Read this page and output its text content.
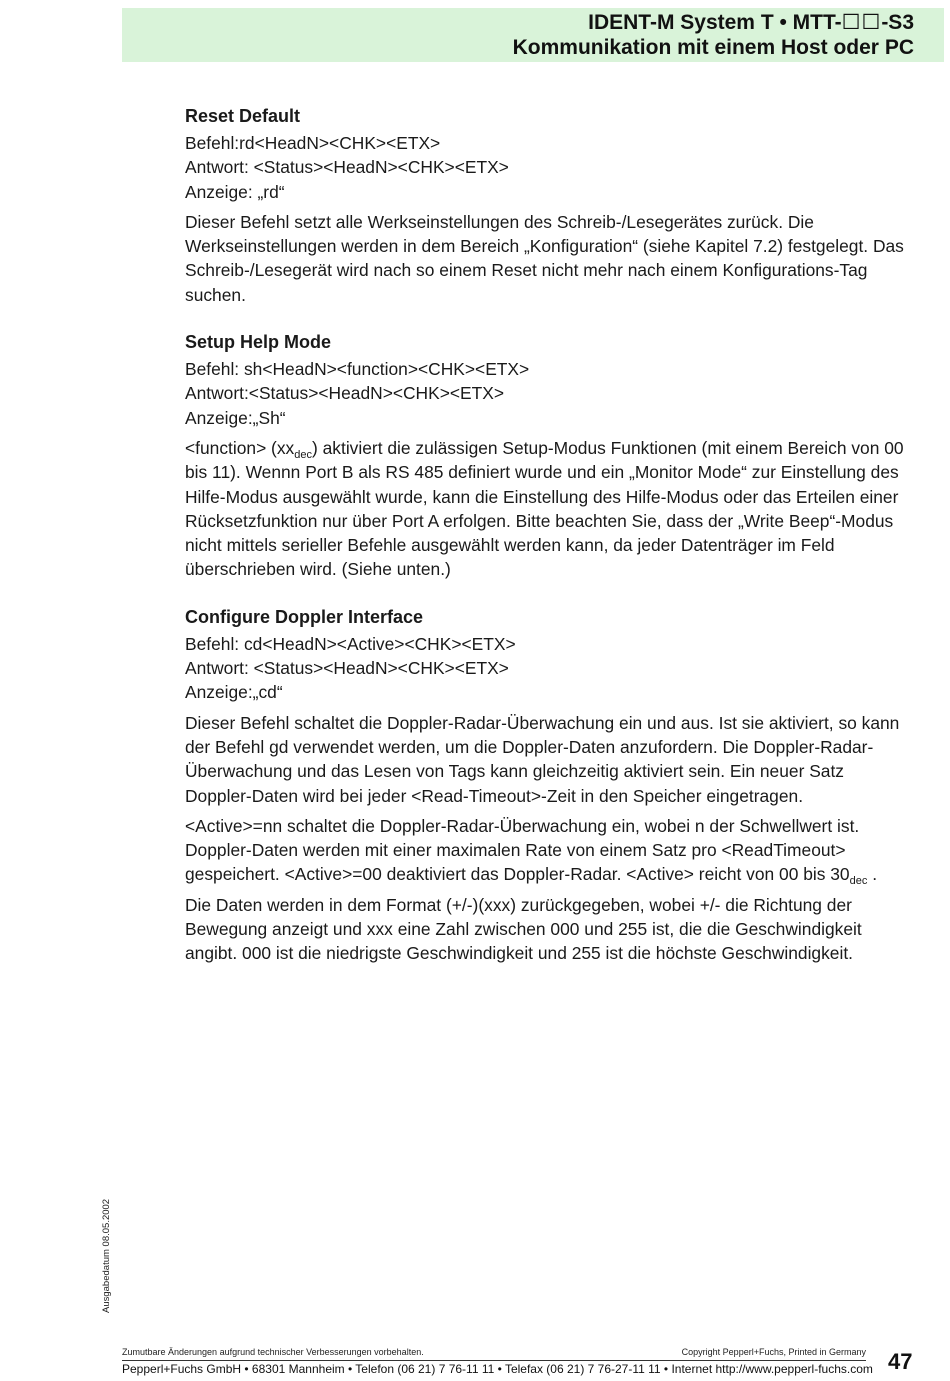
IDENT-M System T • MTT-☐☐-S3
Kommunikation mit einem Host oder PC
Reset Default
Befehl:rd<HeadN><CHK><ETX>
Antwort: <Status><HeadN><CHK><ETX>
Anzeige: „rd“

Dieser Befehl setzt alle Werkseinstellungen des Schreib-/Lesegerätes zurück. Die Werkseinstellungen werden in dem Bereich „Konfiguration“ (siehe Kapitel 7.2) festgelegt. Das Schreib-/Lesegerät wird nach so einem Reset nicht mehr nach einem Konfigurations-Tag suchen.

Setup Help Mode
Befehl: sh<HeadN><function><CHK><ETX>
Antwort:<Status><HeadN><CHK><ETX>
Anzeige:„Sh“

<function> $(xx_{dec})$ aktiviert die zulässigen Setup-Modus Funktionen (mit einem Bereich von 00 bis 11). Wennn Port B als RS 485 definiert wurde und ein „Monitor Mode“ zur Einstellung des Hilfe-Modus ausgewählt wurde, kann die Einstellung des Hilfe-Modus oder das Erteilen einer Rücksetzfunktion nur über Port A erfolgen. Bitte beachten Sie, dass der „Write Beep“-Modus nicht mittels serieller Befehle ausgewählt werden kann, da jeder Datenträger im Feld überschrieben wird. (Siehe unten.)

Configure Doppler Interface
Befehl: cd<HeadN><Active><CHK><ETX>
Antwort: <Status><HeadN><CHK><ETX>
Anzeige:„cd“

Dieser Befehl schaltet die Doppler-Radar-Überwachung ein und aus. Ist sie aktiviert, so kann der Befehl gd verwendet werden, um die Doppler-Daten anzufordern. Die Doppler-Radar-Überwachung und das Lesen von Tags kann gleichzeitig aktiviert sein. Ein neuer Satz Doppler-Daten wird bei jeder <Read-Timeout>-Zeit in den Speicher eingetragen.

<Active>=nn schaltet die Doppler-Radar-Überwachung ein, wobei n der Schwellwert ist. Doppler-Daten werden mit einer maximalen Rate von einem Satz pro <ReadTimeout> gespeichert. <Active>=00 deaktiviert das Doppler-Radar. <Active> reicht von 00 bis $30_{dec}$ .

Die Daten werden in dem Format (+/-)(xxx) zurückgegeben, wobei +/- die Richtung der Bewegung anzeigt und xxx eine Zahl zwischen 000 und 255 ist, die die Geschwindigkeit angibt. 000 ist die niedrigste Geschwindigkeit und 255 ist die höchste Geschwindigkeit.

Ausgabedatum 08.05.2002
Zumutbare Änderungen aufgrund technischer Verbesserungen vorbehalten.	Copyright Pepperl+Fuchs, Printed in Germany
Pepperl+Fuchs GmbH • 68301 Mannheim • Telefon (06 21) 7 76-11 11 • Telefax (06 21) 7 76-27-11 11 • Internet http://www.pepperl-fuchs.com 47
